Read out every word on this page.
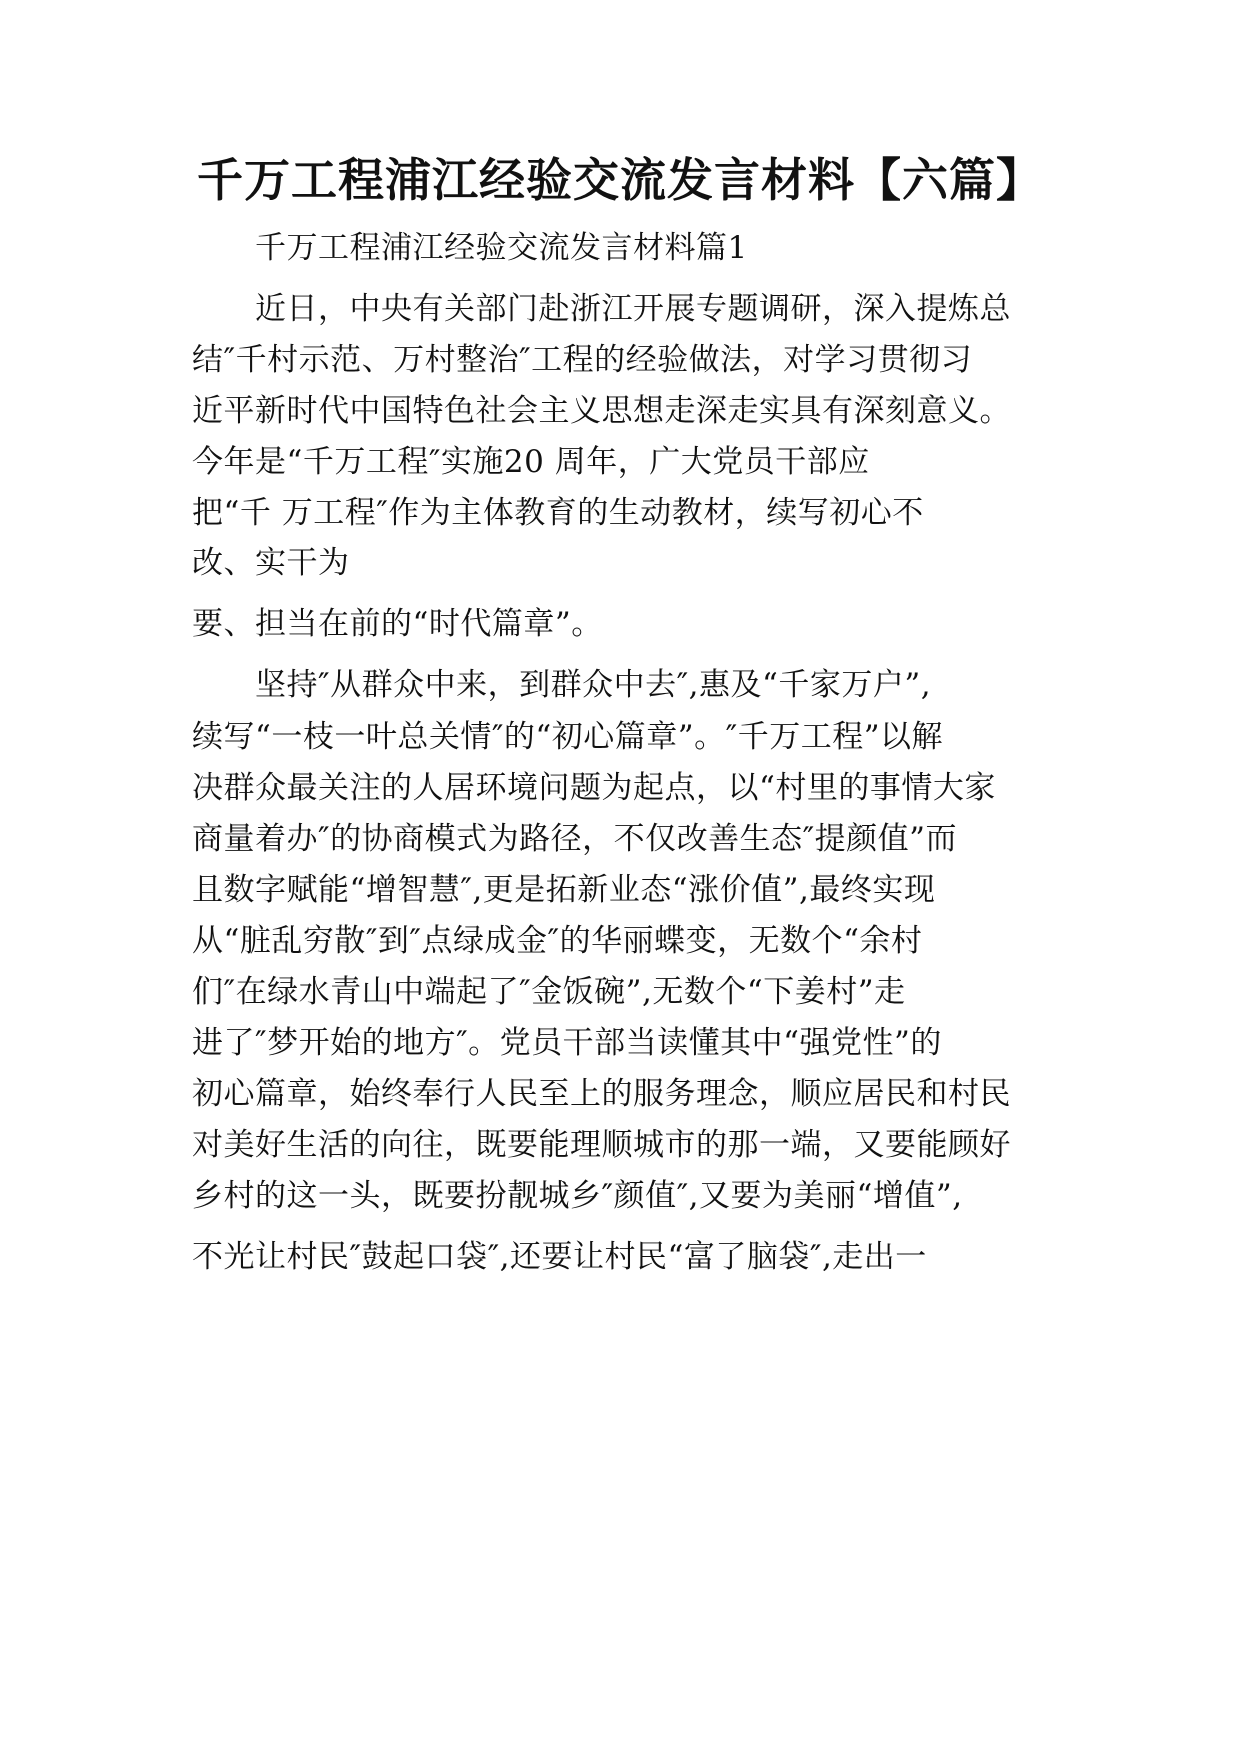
千万工程浦江经验交流发言材料【六篇】

千万工程浦江经验交流发言材料篇1

近日，中央有关部门赴浙江开展专题调研，深入提炼总

结″千村示范、万村整治″工程的经验做法，对学习贯彻习

近平新时代中国特色社会主义思想走深走实具有深刻意义。

今年是“千万工程″实施20 周年，广大党员干部应

把“千 万工程″作为主体教育的生动教材，续写初心不

改、实干为

要、担当在前的“时代篇章”。

坚持″从群众中来，到群众中去″,惠及“千家万户”,

续写“一枝一叶总关情″的“初心篇章”。″千万工程”以解

决群众最关注的人居环境问题为起点，以“村里的事情大家

商量着办″的协商模式为路径，不仅改善生态″提颜值”而

且数字赋能“增智慧″,更是拓新业态“涨价值”,最终实现

从“脏乱穷散″到″点绿成金″的华丽蝶变，无数个“余村

们″在绿水青山中端起了″金饭碗”,无数个“下姜村”走

进了″梦开始的地方″。党员干部当读懂其中“强党性”的

初心篇章，始终奉行人民至上的服务理念，顺应居民和村民

对美好生活的向往，既要能理顺城市的那一端，又要能顾好

乡村的这一头，既要扮靓城乡″颜值″,又要为美丽“增值”,

不光让村民″鼓起口袋″,还要让村民“富了脑袋″,走出一
